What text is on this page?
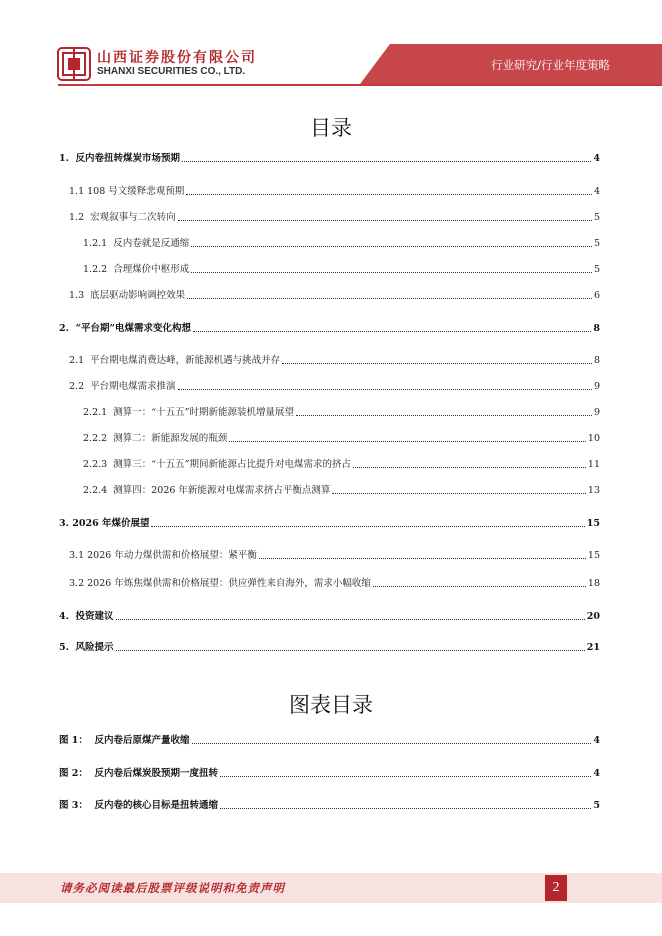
山西证券股份有限公司
SHANXI SECURITIES CO., LTD.	行业研究/行业年度策略
目录
1. 反内卷扭转煤炭市场预期	4
1.1 108 号文缓释悲观预期	4
1.2 宏观叙事与二次转向	5
1.2.1 反内卷就是反通缩	5
1.2.2 合理煤价中枢形成	5
1.3 底层驱动影响调控效果	6
2. “平台期”电煤需求变化构想	8
2.1 平台期电煤消费达峰，新能源机遇与挑战并存	8
2.2 平台期电煤需求推演	9
2.2.1 测算一：“十五五”时期新能源装机增量展望	9
2.2.2 测算二：新能源发展的瓶颈	10
2.2.3 测算三：“十五五”期间新能源占比提升对电煤需求的挤占	11
2.2.4 测算四：2026 年新能源对电煤需求挤占平衡点测算	13
3. 2026 年煤价展望	15
3.1 2026 年动力煤供需和价格展望：紧平衡	15
3.2 2026 年炼焦煤供需和价格展望：供应弹性来自海外，需求小幅收缩	18
4. 投资建议	20
5. 风险提示	21
图表目录
图 1： 反内卷后原煤产量收缩	4
图 2： 反内卷后煤炭股预期一度扭转	4
图 3： 反内卷的核心目标是扭转通缩	5
请务必阅读最后股票评级说明和免责声明	2
